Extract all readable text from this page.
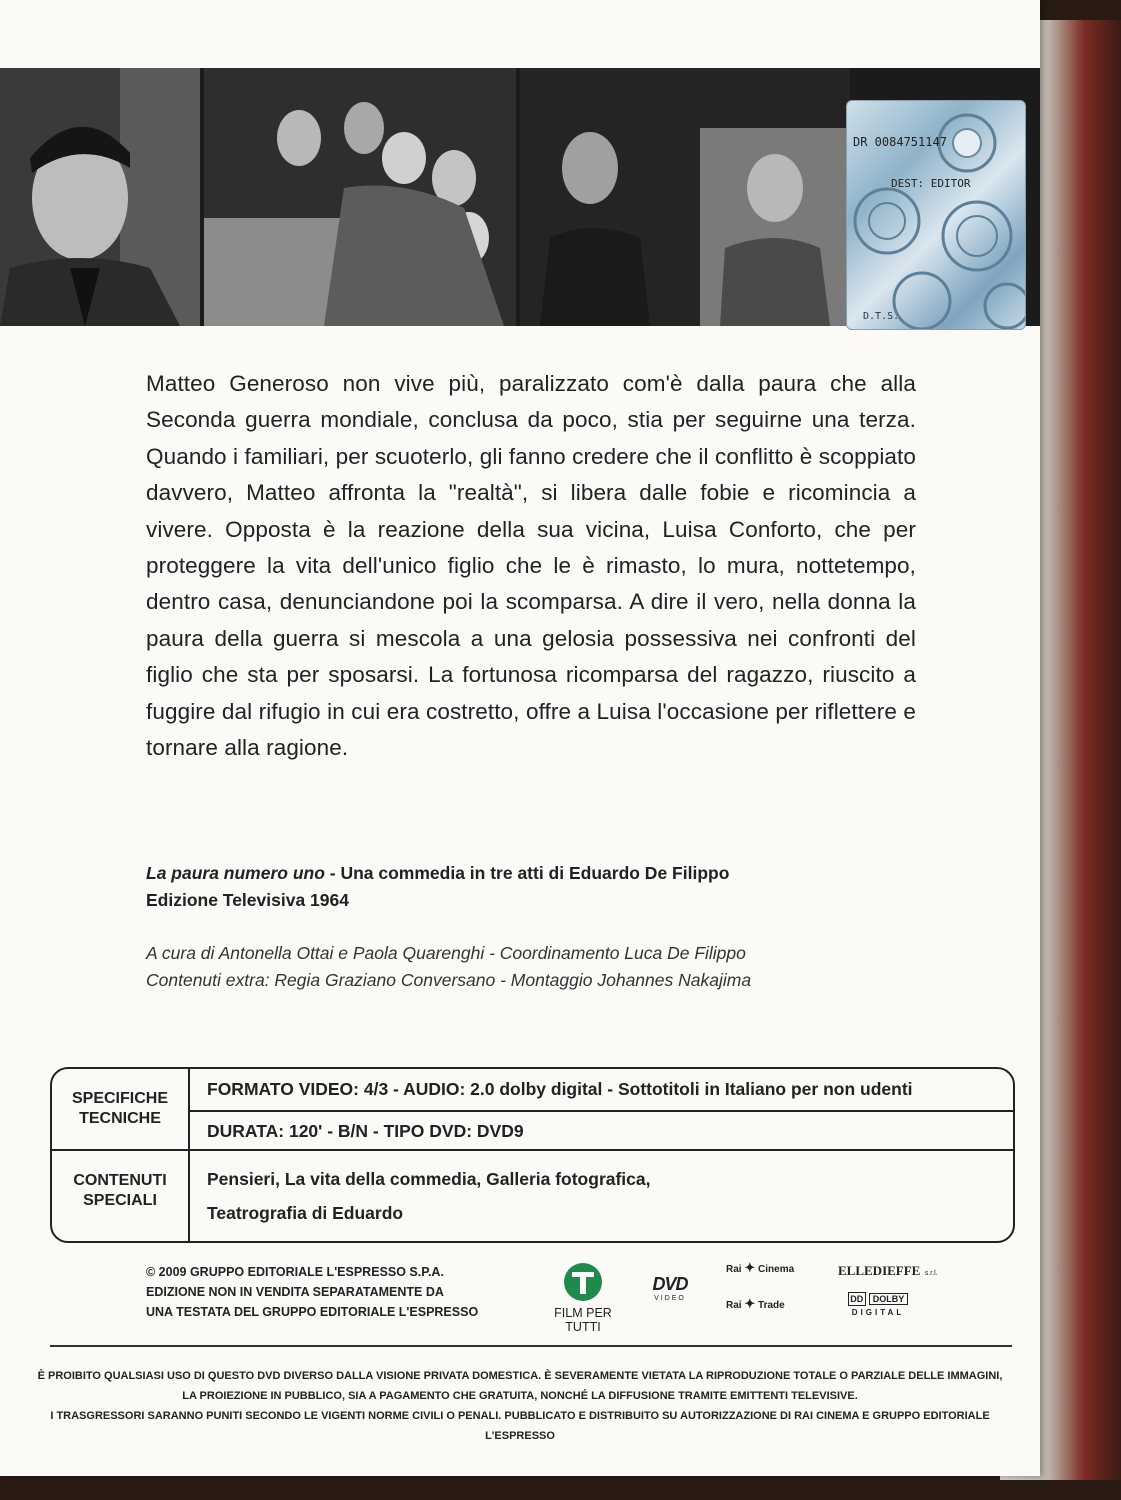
DR 0084751147
DEST: EDITOR
D.T.S.

Matteo Generoso non vive più, paralizzato com'è dalla paura che alla Seconda guerra mondiale, conclusa da poco, stia per seguirne una terza. Quando i familiari, per scuoterlo, gli fanno credere che il conflitto è scoppiato davvero, Matteo affronta la "realtà", si libera dalle fobie e ricomincia a vivere. Opposta è la reazione della sua vicina, Luisa Conforto, che per proteggere la vita dell'unico figlio che le è rimasto, lo mura, nottetempo, dentro casa, denunciandone poi la scomparsa. A dire il vero, nella donna la paura della guerra si mescola a una gelosia possessiva nei confronti del figlio che sta per sposarsi. La fortunosa ricomparsa del ragazzo, riuscito a fuggire dal rifugio in cui era costretto, offre a Luisa l'occasione per riflettere e tornare alla ragione.

La paura numero uno - Una commedia in tre atti di Eduardo De Filippo
Edizione Televisiva 1964
A cura di Antonella Ottai e Paola Quarenghi - Coordinamento Luca De Filippo
Contenuti extra: Regia Graziano Conversano - Montaggio Johannes Nakajima
SPECIFICHE TECNICHE
FORMATO VIDEO: 4/3 - AUDIO: 2.0 dolby digital - Sottotitoli in Italiano per non udenti
DURATA: 120' - B/N - TIPO DVD: DVD9
CONTENUTI SPECIALI
Pensieri, La vita della commedia, Galleria fotografica,
Teatrografia di Eduardo
© 2009 GRUPPO EDITORIALE L'ESPRESSO S.P.A.
EDIZIONE NON IN VENDITA SEPARATAMENTE DA
UNA TESTATA DEL GRUPPO EDITORIALE L'ESPRESSO	FILM PER TUTTI
DVD
VIDEO
Rai ✦ Cinema
Rai ✦ Trade
ELLEDIEFFE s.r.l.
DD	DOLBY
DIGITAL
È PROIBITO QUALSIASI USO DI QUESTO DVD DIVERSO DALLA VISIONE PRIVATA DOMESTICA. È SEVERAMENTE VIETATA LA RIPRODUZIONE TOTALE O PARZIALE DELLE IMMAGINI,
LA PROIEZIONE IN PUBBLICO, SIA A PAGAMENTO CHE GRATUITA, NONCHÉ LA DIFFUSIONE TRAMITE EMITTENTI TELEVISIVE.
I TRASGRESSORI SARANNO PUNITI SECONDO LE VIGENTI NORME CIVILI O PENALI. PUBBLICATO E DISTRIBUITO SU AUTORIZZAZIONE DI RAI CINEMA E GRUPPO EDITORIALE L'ESPRESSO
